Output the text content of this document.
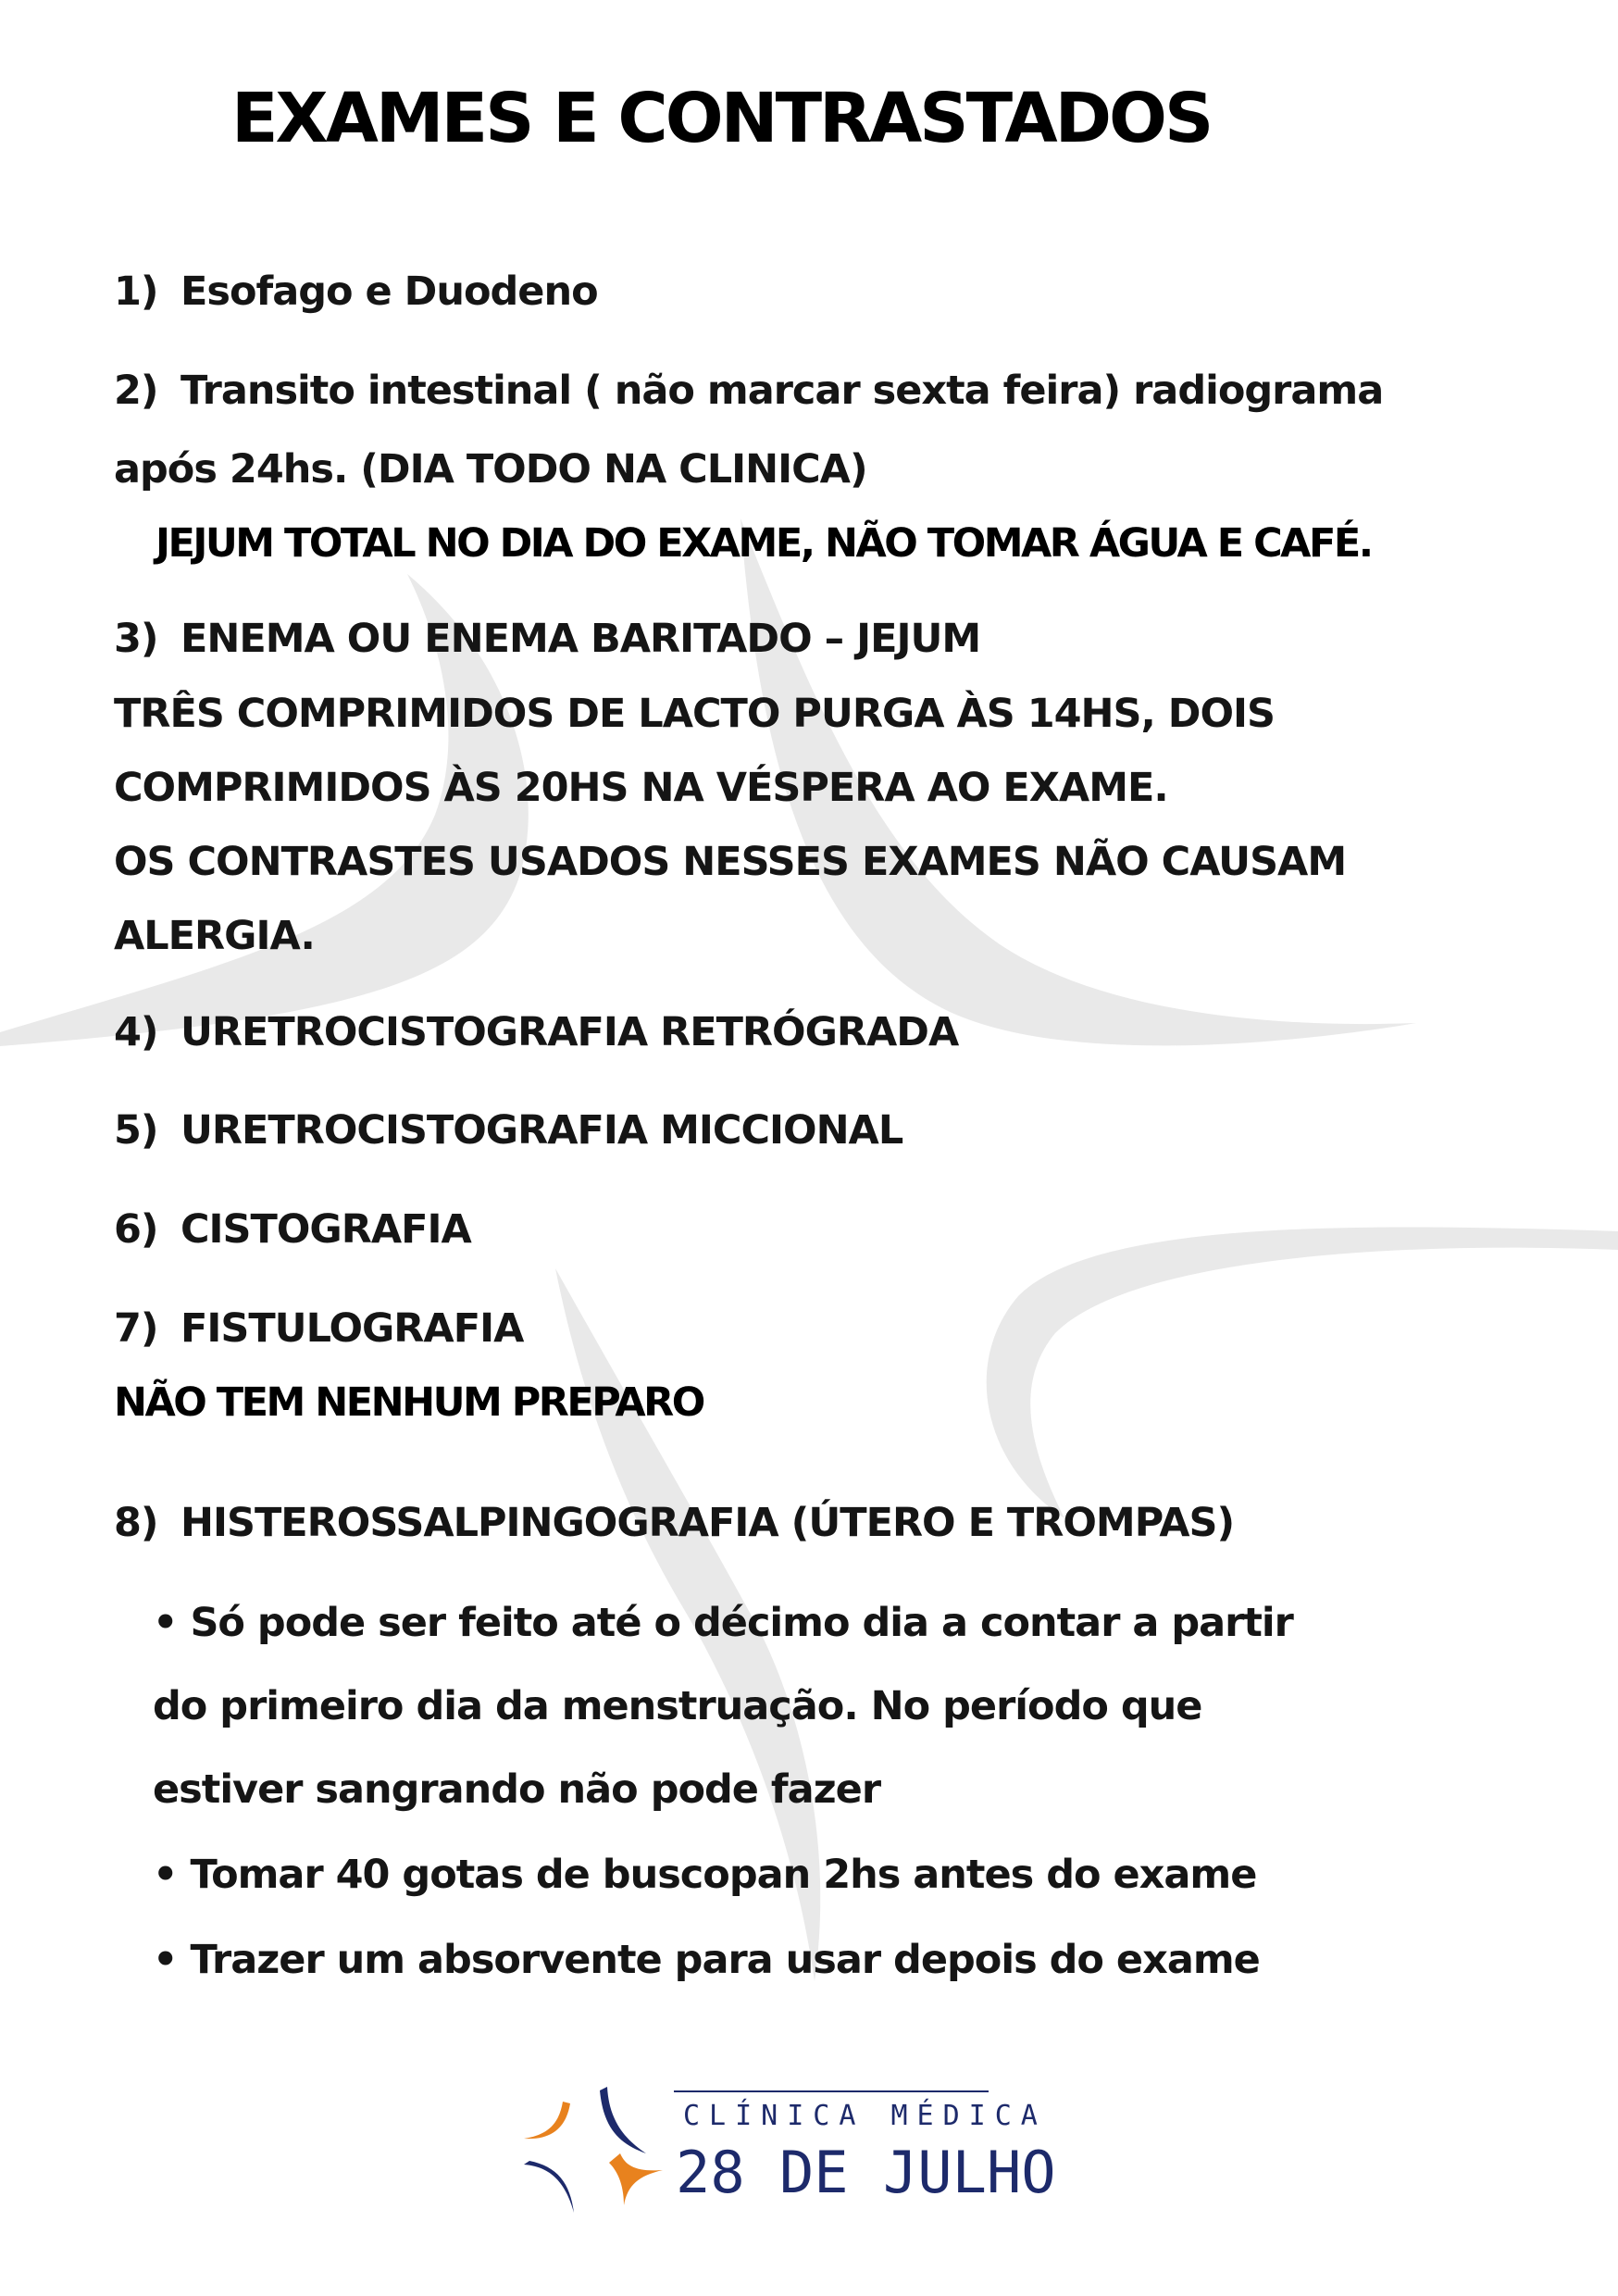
EXAMES E CONTRASTADOS
1) Esofago e Duodeno
2) Transito intestinal ( não marcar sexta feira) radiograma
após 24hs. (DIA TODO NA CLINICA)
JEJUM TOTAL NO DIA DO EXAME, NÃO TOMAR ÁGUA E CAFÉ.
3) ENEMA OU ENEMA BARITADO – JEJUM
TRÊS COMPRIMIDOS DE LACTO PURGA ÀS 14HS, DOIS
COMPRIMIDOS ÀS 20HS NA VÉSPERA AO EXAME.
OS CONTRASTES USADOS NESSES EXAMES NÃO CAUSAM
ALERGIA.
4) URETROCISTOGRAFIA RETRÓGRADA
5) URETROCISTOGRAFIA MICCIONAL
6) CISTOGRAFIA
7) FISTULOGRAFIA
NÃO TEM NENHUM PREPARO
8) HISTEROSSALPINGOGRAFIA (ÚTERO E TROMPAS)
• Só pode ser feito até o décimo dia a contar a partir
do primeiro dia da menstruação. No período que
estiver sangrando não pode fazer
• Tomar 40 gotas de buscopan 2hs antes do exame
• Trazer um absorvente para usar depois do exame
CLÍNICA MÉDICA
28 DE JULHO
